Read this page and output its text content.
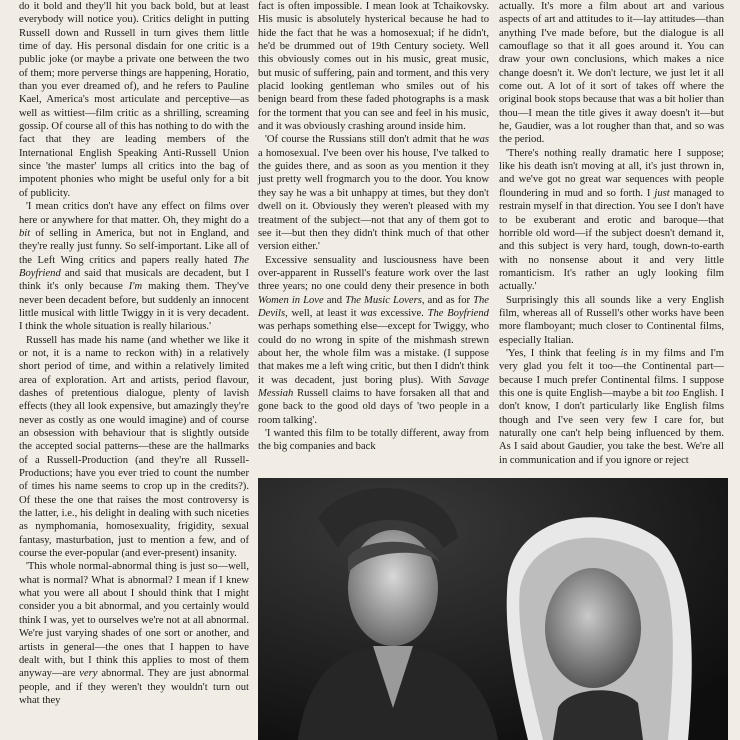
do it bold and they'll hit you back bold, but at least everybody will notice you). Critics delight in putting Russell down and Russell in turn gives them little time of day. His personal disdain for one critic is a public joke (or maybe a private one between the two of them; more perverse things are happening, Horatio, than you ever dreamed of), and he refers to Pauline Kael, America's most articulate and perceptive—as well as wittiest—film critic as a shrilling, screaming gossip. Of course all of this has nothing to do with the fact that they are leading members of the International English Speaking Anti-Russell Union since 'the master' lumps all critics into the bag of impotent phonies who might be useful only for a bit of publicity.

'I mean critics don't have any effect on films over here or anywhere for that matter. Oh, they might do a bit of selling in America, but not in England, and they're really just funny. So self-important. Like all of the Left Wing critics and papers really hated The Boyfriend and said that musicals are decadent, but I think it's only because I'm making them. They've never been decadent before, but suddenly an innocent little musical with little Twiggy in it is very decadent. I think the whole situation is really hilarious.'

Russell has made his name (and whether we like it or not, it is a name to reckon with) in a relatively short period of time, and within a relatively limited area of exploration. Art and artists, period flavour, dashes of pretentious dialogue, plenty of lavish effects (they all look expensive, but amazingly they're never as costly as one would imagine) and of course an obsession with behaviour that is slightly outside the accepted social patterns—these are the hallmarks of a Russell-Production (and they're all Russell-Productions; have you ever tried to count the number of times his name seems to crop up in the credits?). Of these the one that raises the most controversy is the latter, i.e., his delight in dealing with such niceties as nymphomania, homosexuality, frigidity, sexual fantasy, masturbation, just to mention a few, and of course the ever-popular (and ever-present) insanity.

'This whole normal-abnormal thing is just so—well, what is normal? What is abnormal? I mean if I knew what you were all about I should think that I might consider you a bit abnormal, and you certainly would think I was, yet to ourselves we're not at all abnormal. We're just varying shades of one sort or another, and artists in general—the ones that I happen to have dealt with, but I think this applies to most of them anyway—are very abnormal. They are just abnormal people, and if they weren't they wouldn't turn out what they

fact is often impossible. I mean look at Tchaikovsky. His music is absolutely hysterical because he had to hide the fact that he was a homosexual; if he didn't, he'd be drummed out of 19th Century society. Well this obviously comes out in his music, great music, but music of suffering, pain and torment, and this very placid looking gentleman who smiles out of his benign beard from these faded photographs is a mask for the torment that you can see and feel in his music, and it was obviously crashing around inside him.

'Of course the Russians still don't admit that he was a homosexual. I've been over his house, I've talked to the guides there, and as soon as you mention it they just pretty well frogmarch you to the door. You know they say he was a bit unhappy at times, but they don't dwell on it. Obviously they weren't pleased with my treatment of the subject—not that any of them got to see it—but then they didn't think much of that other version either.'

Excessive sensuality and lusciousness have been over-apparent in Russell's feature work over the last three years; no one could deny their presence in both Women in Love and The Music Lovers, and as for The Devils, well, at least it was excessive. The Boyfriend was perhaps something else—except for Twiggy, who could do no wrong in spite of the mishmash strewn about her, the whole film was a mistake. (I suppose that makes me a left wing critic, but then I didn't think it was decadent, just boring plus). With Savage Messiah Russell claims to have forsaken all that and gone back to the good old days of 'two people in a room talking'.

'I wanted this film to be totally different, away from the big companies and back

actually. It's more a film about art and various aspects of art and attitudes to it—lay attitudes—than anything I've made before, but the dialogue is all camouflage so that it all goes around it. You can draw your own conclusions, which makes a nice change doesn't it. We don't lecture, we just let it all come out. A lot of it sort of takes off where the original book stops because that was a bit holier than thou—I mean the title gives it away doesn't it—but he, Gaudier, was a lot rougher than that, and so was the period.

'There's nothing really dramatic here I suppose; like his death isn't moving at all, it's just thrown in, and we've got no great war sequences with people floundering in mud and so forth. I just managed to restrain myself in that direction. You see I don't have to be exuberant and erotic and baroque—that horrible old word—if the subject doesn't demand it, and this subject is very hard, tough, down-to-earth with no nonsense about it and very little romanticism. It's rather an ugly looking film actually.'

Surprisingly this all sounds like a very English film, whereas all of Russell's other works have been more flamboyant; much closer to Continental films, especially Italian.

'Yes, I think that feeling is in my films and I'm very glad you felt it too—the Continental part—because I much prefer Continental films. I suppose this one is quite English—maybe a bit too English. I don't know, I don't particularly like English films though and I've seen very few I care for, but naturally one can't help being influenced by them. As I said about Gaudier, you take the best. We're all in communication and if you ignore or reject
